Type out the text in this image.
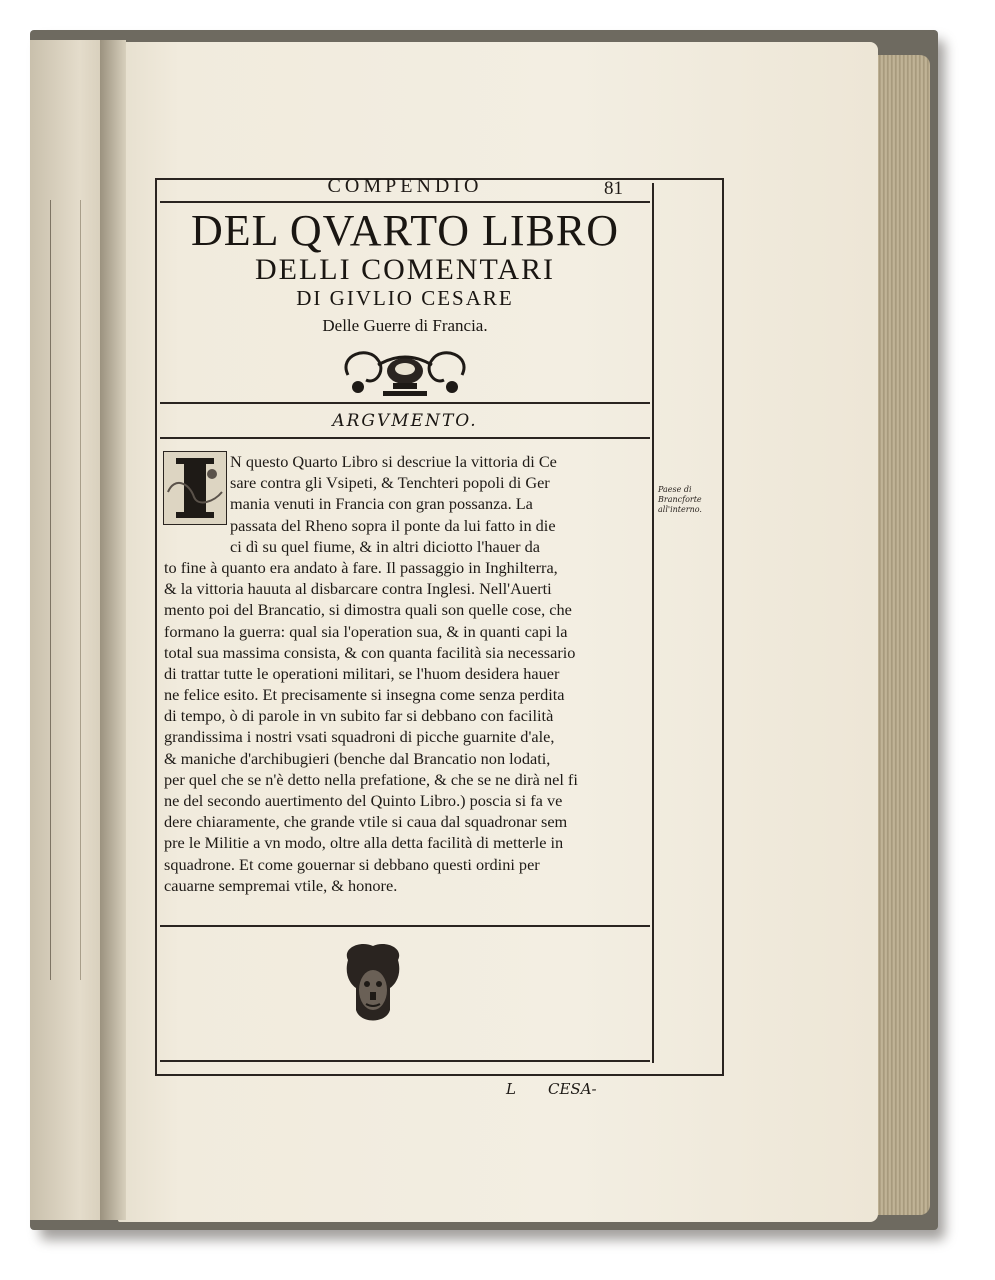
COMPENDIO	81
DEL QVARTO LIBRO
DELLI COMENTARI
DI GIVLIO CESARE
Delle Guerre di Francia.
ARGVMENTO.
Paese di Brancforte all'interno.
N questo Quarto Libro si descriue la vittoria di Ce
sare contra gli Vsipeti, & Tenchteri popoli di Ger
mania venuti in Francia con gran possanza. La
passata del Rheno sopra il ponte da lui fatto in die
ci dì su quel fiume, & in altri diciotto l'hauer da
to fine à quanto era andato à fare. Il passaggio in Inghilterra,
& la vittoria hauuta al disbarcare contra Inglesi. Nell'Auerti
mento poi del Brancatio, si dimostra quali son quelle cose, che
formano la guerra: qual sia l'operation sua, & in quanti capi la
total sua massima consista, & con quanta facilità sia necessario
di trattar tutte le operationi militari, se l'huom desidera hauer
ne felice esito. Et precisamente si insegna come senza perdita
di tempo, ò di parole in vn subito far si debbano con facilità
grandissima i nostri vsati squadroni di picche guarnite d'ale,
& maniche d'archibugieri (benche dal Brancatio non lodati,
per quel che se n'è detto nella prefatione, & che se ne dirà nel fi
ne del secondo auertimento del Quinto Libro.) poscia si fa ve
dere chiaramente, che grande vtile si caua dal squadronar sem
pre le Militie a vn modo, oltre alla detta facilità di metterle in
squadrone. Et come gouernar si debbano questi ordini per
cauarne sempremai vtile, & honore.
L CESA-
